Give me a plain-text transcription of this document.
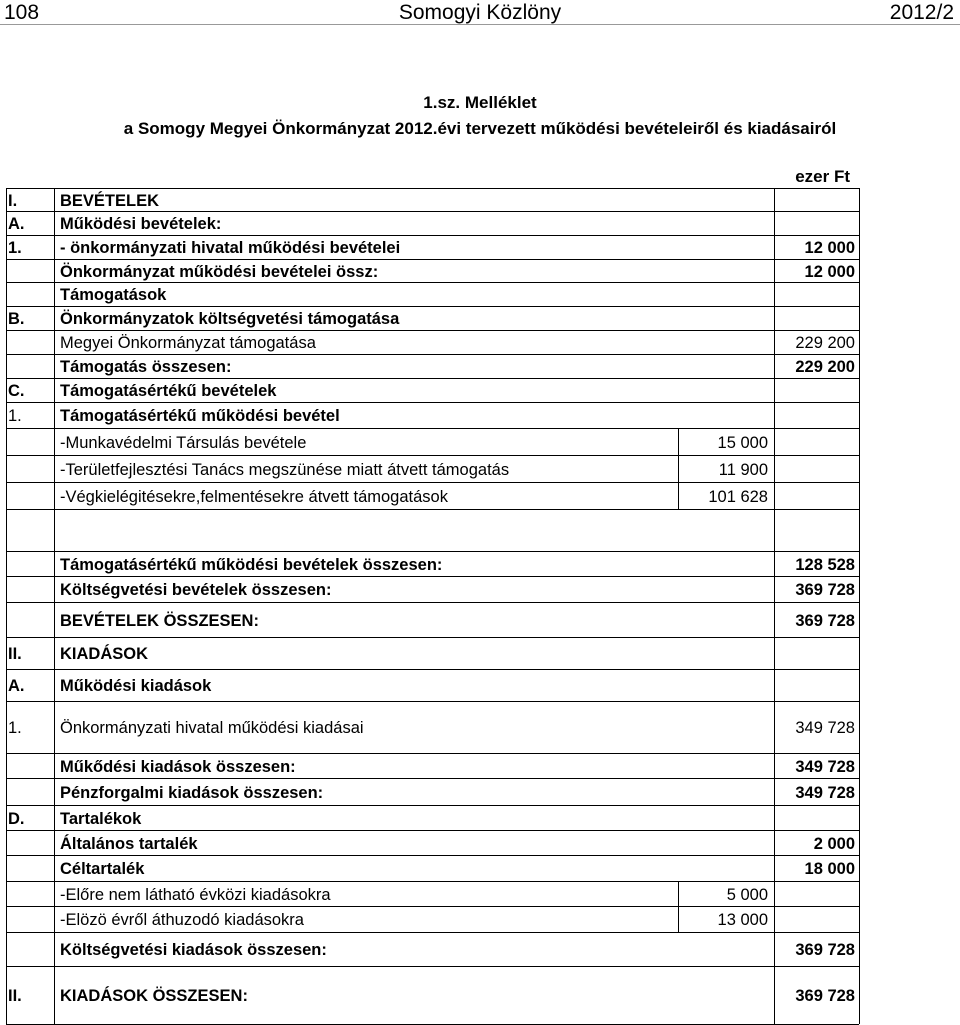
108	Somogyi Közlöny	2012/2
1.sz. Melléklet
a Somogy Megyei Önkormányzat 2012.évi tervezett működési bevételeiről és kiadásairól
ezer Ft
I.	BEVÉTELEK
A. Működési bevételek:
1. - önkormányzati hivatal működési bevételei	12 000
Önkormányzat működési bevételei össz:	12 000
Támogatások
B. Önkormányzatok költségvetési támogatása
Megyei Önkormányzat támogatása	229 200
Támogatás összesen:	229 200
C. Támogatásértékű bevételek
1. Támogatásértékű működési bevétel
-Munkavédelmi Társulás bevétele	15 000
-Területfejlesztési Tanács megszünése miatt átvett támogatás	11 900
-Végkielégitésekre,felmentésekre átvett támogatások	101 628
Támogatásértékű működési bevételek összesen:	128 528
Költségvetési bevételek összesen:	369 728
BEVÉTELEK ÖSSZESEN:	369 728
II. KIADÁSOK
A. Működési kiadások
1. Önkormányzati hivatal működési kiadásai	349 728
Műkődési kiadások összesen:	349 728
Pénzforgalmi kiadások összesen:	349 728
D. Tartalékok
Általános tartalék	2 000
Céltartalék	18 000
-Előre nem látható évközi kiadásokra	5 000
-Elözö évről áthuzodó kiadásokra	13 000
Költségvetési kiadások összesen:	369 728
II. KIADÁSOK ÖSSZESEN:	369 728
